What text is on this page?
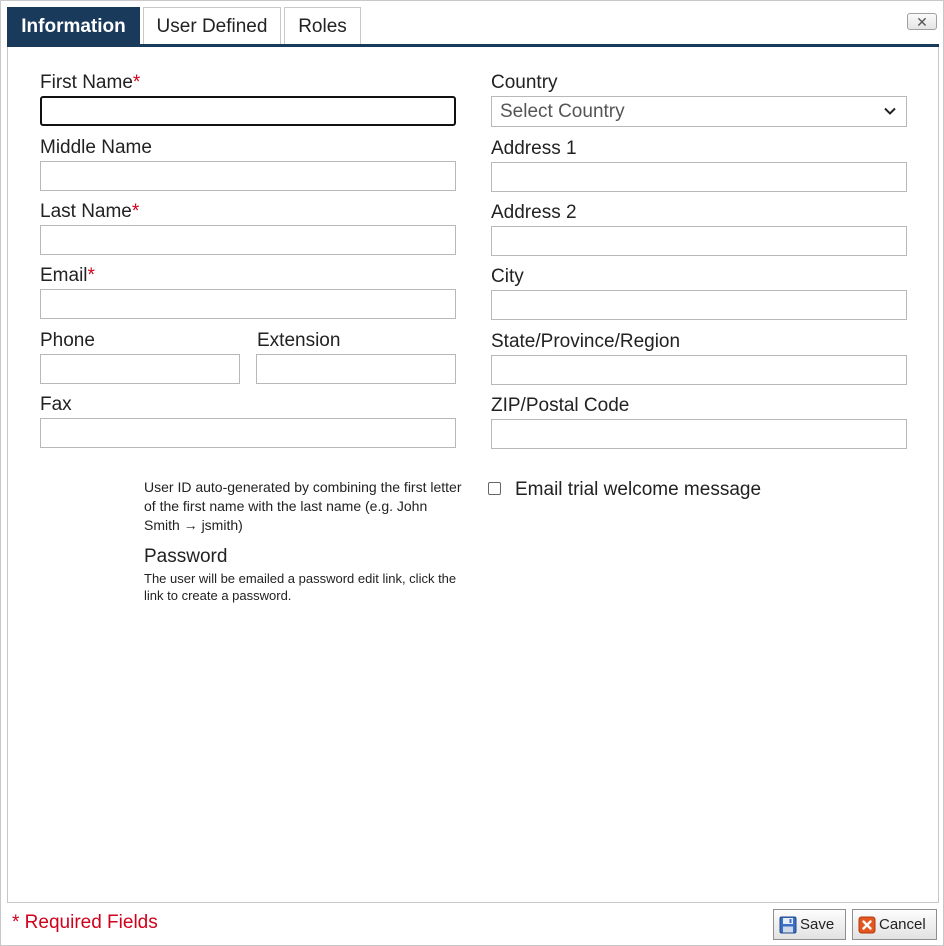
Information	User Defined	Roles	✕
First Name*
Middle Name
Last Name*
Email*
Phone	Extension
Fax
Country
Select Country
Address 1
Address 2
City
State/Province/Region
ZIP/Postal Code
User ID auto-generated by combining the first letter of the first name with the last name (e.g. John Smith → jsmith)
Password
The user will be emailed a password edit link, click the link to create a password.
Email trial welcome message
* Required Fields	Save	Cancel
